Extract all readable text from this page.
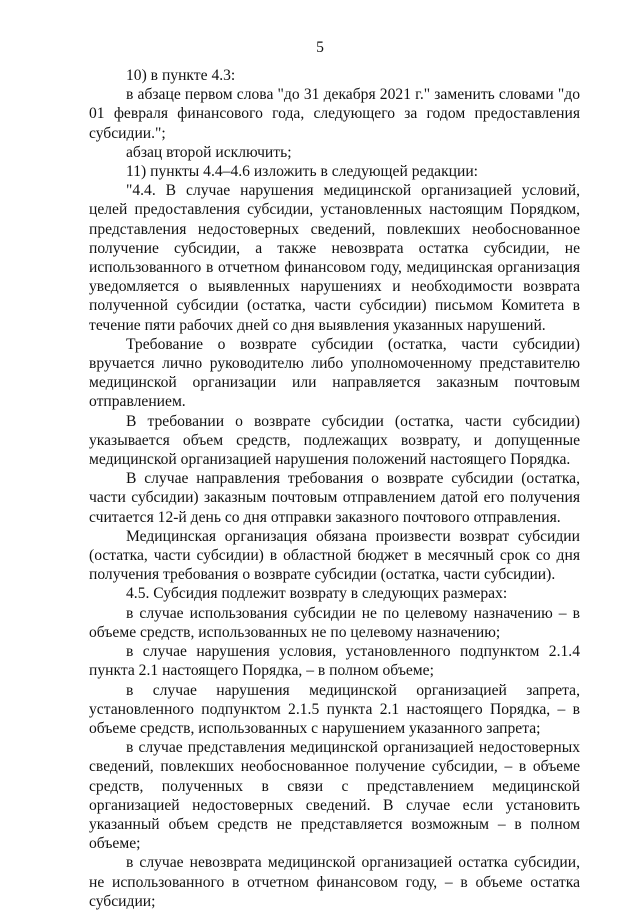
5

10) в пункте 4.3:

в абзаце первом слова "до 31 декабря 2021 г." заменить словами "до 01 февраля финансового года, следующего за годом предоставления субсидии.";

абзац второй исключить;

11) пункты 4.4–4.6 изложить в следующей редакции:

"4.4. В случае нарушения медицинской организацией условий, целей предоставления субсидии, установленных настоящим Порядком, представления недостоверных сведений, повлекших необоснованное получение субсидии, а также невозврата остатка субсидии, не использованного в отчетном финансовом году, медицинская организация уведомляется о выявленных нарушениях и необходимости возврата полученной субсидии (остатка, части субсидии) письмом Комитета в течение пяти рабочих дней со дня выявления указанных нарушений.

Требование о возврате субсидии (остатка, части субсидии) вручается лично руководителю либо уполномоченному представителю медицинской организации или направляется заказным почтовым отправлением.

В требовании о возврате субсидии (остатка, части субсидии) указывается объем средств, подлежащих возврату, и допущенные медицинской организацией нарушения положений настоящего Порядка.

В случае направления требования о возврате субсидии (остатка, части субсидии) заказным почтовым отправлением датой его получения считается 12-й день со дня отправки заказного почтового отправления.

Медицинская организация обязана произвести возврат субсидии (остатка, части субсидии) в областной бюджет в месячный срок со дня получения требования о возврате субсидии (остатка, части субсидии).

4.5. Субсидия подлежит возврату в следующих размерах:

в случае использования субсидии не по целевому назначению – в объеме средств, использованных не по целевому назначению;

в случае нарушения условия, установленного подпунктом 2.1.4 пункта 2.1 настоящего Порядка, – в полном объеме;

в случае нарушения медицинской организацией запрета, установленного подпунктом 2.1.5 пункта 2.1 настоящего Порядка, – в объеме средств, использованных с нарушением указанного запрета;

в случае представления медицинской организацией недостоверных сведений, повлекших необоснованное получение субсидии, – в объеме средств, полученных в связи с представлением медицинской организацией недостоверных сведений. В случае если установить указанный объем средств не представляется возможным – в полном объеме;

в случае невозврата медицинской организацией остатка субсидии, не использованного в отчетном финансовом году, – в объеме остатка субсидии;
